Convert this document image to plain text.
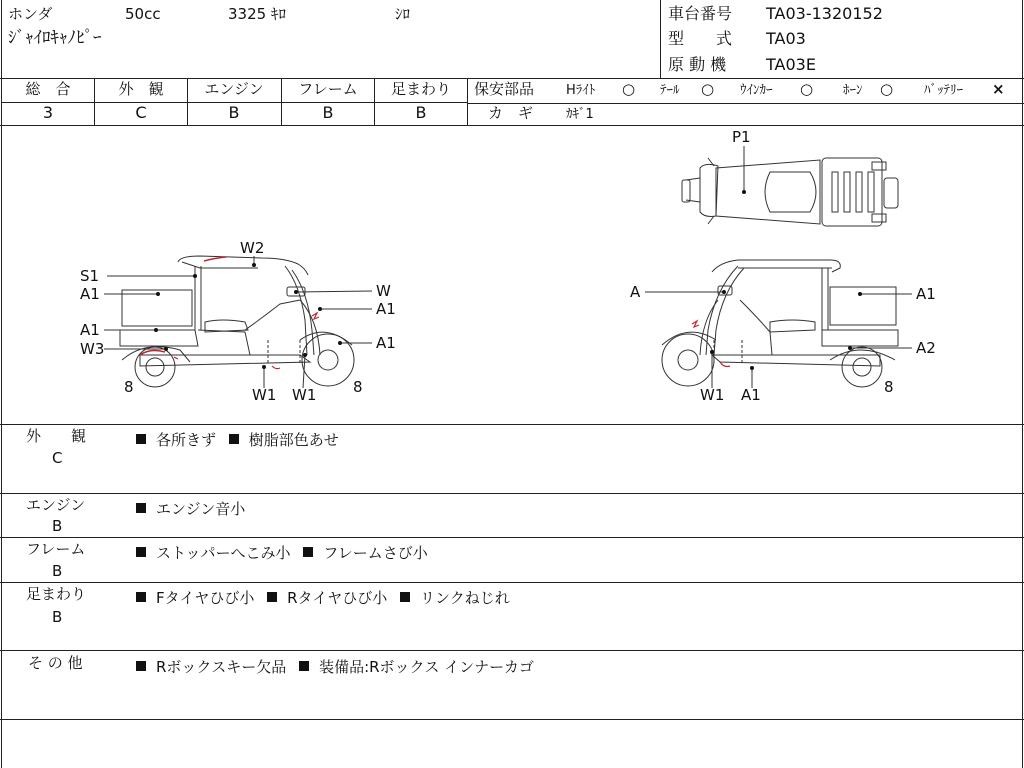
ホンダ	50cc	3325 ｷﾛ	ｼﾛ
ｼﾞｬｲﾛｷｬﾉﾋﾟｰ
車台番号 TA03-1320152
型　　式 TA03
原 動 機 TA03E
総　合	外　観	エンジン フレーム 足まわり
3	C	B	B	B
保安部品 Hﾗｲﾄ ○ ﾃｰﾙ ○ ｳｲﾝｶｰ ○ ﾎｰﾝ ○ ﾊﾞｯﾃﾘｰ ×
カ　ギ	ｶｷﾞ1
S1
A1
A1
W3
8
W2
W
A1
A1
8
W1 W1
P1
A	A1
A2
8
W1 A1
外　　観
C
各所きず 樹脂部色あせ
エンジン
B
エンジン音小
フレーム
B
ストッパーへこみ小 フレームさび小
足まわり
B
Fタイヤひび小 Rタイヤひび小 リンクねじれ
そ の 他	Rボックスキー欠品 装備品:Rボックス インナーカゴ
